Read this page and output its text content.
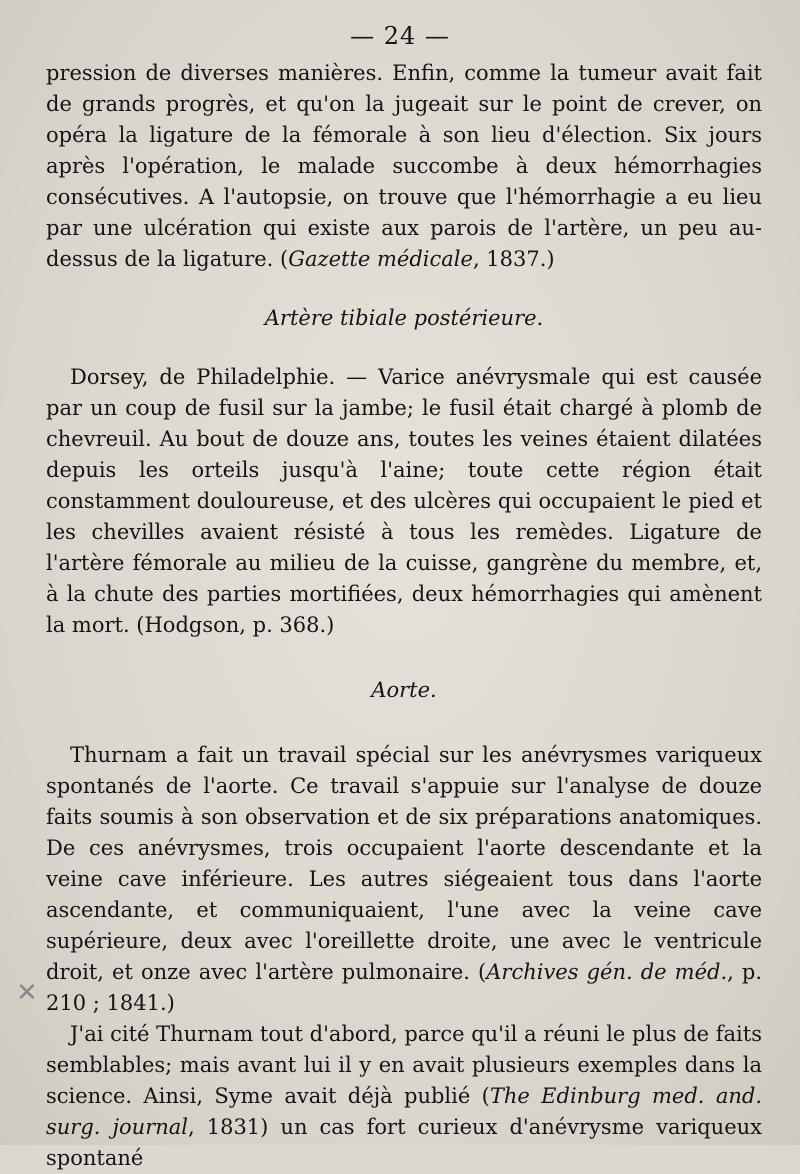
— 24 —

pression de diverses manières. Enfin, comme la tumeur avait fait de grands progrès, et qu'on la jugeait sur le point de crever, on opéra la ligature de la fémorale à son lieu d'élection. Six jours après l'opération, le malade succombe à deux hémorrhagies consécutives. A l'autopsie, on trouve que l'hémorrhagie a eu lieu par une ulcération qui existe aux parois de l'artère, un peu au-dessus de la ligature. (Gazette médicale, 1837.)

Artère tibiale postérieure.

Dorsey, de Philadelphie. — Varice anévrysmale qui est causée par un coup de fusil sur la jambe; le fusil était chargé à plomb de chevreuil. Au bout de douze ans, toutes les veines étaient dilatées depuis les orteils jusqu'à l'aine; toute cette région était constamment douloureuse, et des ulcères qui occupaient le pied et les chevilles avaient résisté à tous les remèdes. Ligature de l'artère fémorale au milieu de la cuisse, gangrène du membre, et, à la chute des parties mortifiées, deux hémorrhagies qui amènent la mort. (Hodgson, p. 368.)

Aorte.

Thurnam a fait un travail spécial sur les anévrysmes variqueux spontanés de l'aorte. Ce travail s'appuie sur l'analyse de douze faits soumis à son observation et de six préparations anatomiques. De ces anévrysmes, trois occupaient l'aorte descendante et la veine cave inférieure. Les autres siégeaient tous dans l'aorte ascendante, et communiquaient, l'une avec la veine cave supérieure, deux avec l'oreillette droite, une avec le ventricule droit, et onze avec l'artère pulmonaire. (Archives gén. de méd., p. 210 ; 1841.)

J'ai cité Thurnam tout d'abord, parce qu'il a réuni le plus de faits semblables; mais avant lui il y en avait plusieurs exemples dans la science. Ainsi, Syme avait déjà publié (The Edinburg med. and. surg. journal, 1831) un cas fort curieux d'anévrysme variqueux spontané

✕
